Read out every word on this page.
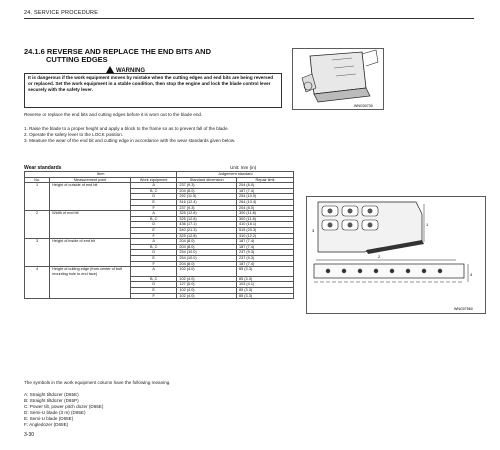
24. SERVICE PROCEDURE
24.1.6 REVERSE AND REPLACE THE END BITS AND
CUTTING EDGES
WARNING
It is dangerous if the work equipment moves by mistake when the cutting edges and end bits are being reversed or replaced. Set the work equipment in a stable condition, then stop the engine and lock the blade control lever securely with the safety lever.
Reverse or replace the end bits and cutting edges before it is worn out to the blade end.
1. Raise the blade to a proper height and apply a block to the frame so as to prevent fall of the blade.
2. Operate the safety lever to the LOCK position.
3. Measure the wear of the end bit and cutting edge in accordance with the wear standards given below.
WNG00730
Wear standards	Unit: mm (in)
Item			Judgement standard	
No.	Measurement point	Work equipment	Standard dimension	Repair limit
1	Height of outside of end bit	A	237 (9.3)	204 (8.0)
		B, C	204 (8.0)	187 (7.4)
		D	292 (11.5)	254 (10.0)
		E	316 (12.4)	264 (10.4)
		F	237 (9.3)	204 (8.0)
2	Width of end bit	A	325 (12.8)	300 (11.8)
		B, C	325 (12.8)	300 (11.8)
		D	436 (17.1)	410 (16.1)
		E	540 (21.3)	515 (20.3)
		F	325 (12.8)	310 (12.2)
3	Height of inside of end bit	A	204 (8.0)	187 (7.4)
		B, C	204 (8.0)	187 (7.4)
		D	254 (10.0)	237 (9.3)
		E	254 (10.0)	237 (9.3)
		F	204 (8.0)	187 (7.4)
4	Height of cutting edge (from center of bolt mounting hole to end face)	A	102 (4.0)	85 (3.3)
		B, C	102 (4.0)	85 (3.3)
		D	127 (5.0)	103 (4.1)
		E	102 (4.0)	85 (3.3)
		F	102 (4.0)	85 (3.3)
1
3
2
4
WNG07560
The symbols in the work equipment column have the following meaning.
A: Straight tiltdozer (D65E)
B: Straight tiltdozer (D65P)
C: Power tilt, power pitch dozer (D65E)
D: Semi-U blade (3 m) (D65E)
E: Semi-U blade (D65E)
F: Angledozer (D65E)
3-30
